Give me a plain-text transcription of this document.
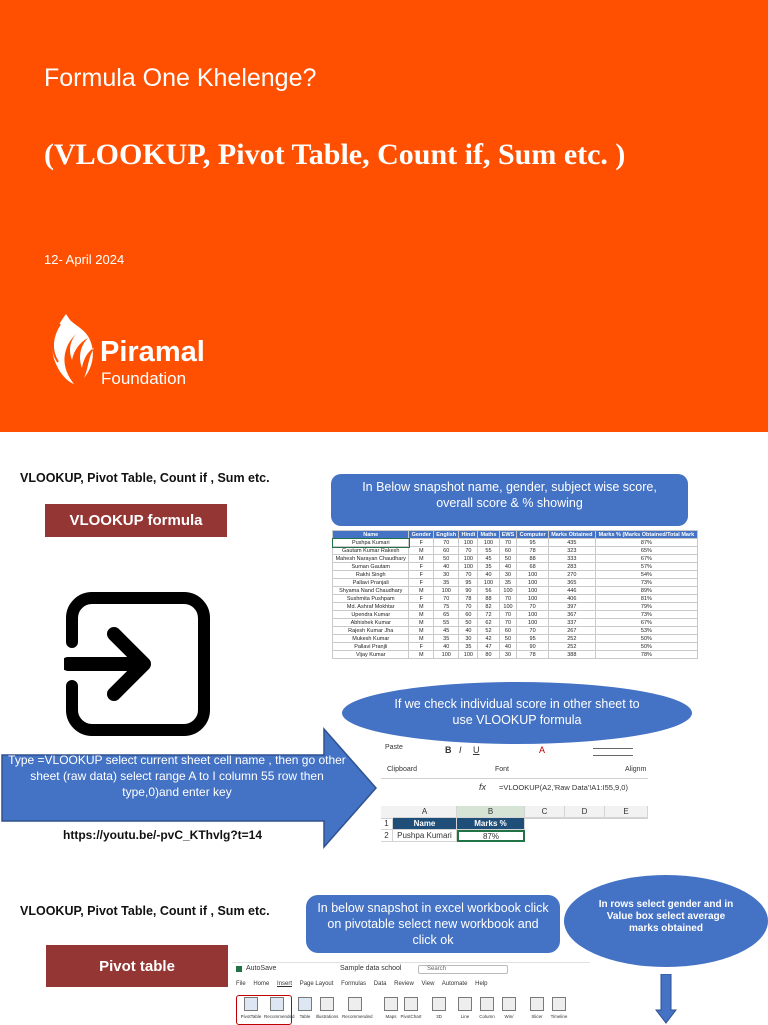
Formula One Khelenge?
(VLOOKUP, Pivot Table, Count if, Sum etc. )
12- April 2024
Piramal
Foundation
VLOOKUP, Pivot Table, Count if , Sum etc.
VLOOKUP formula
In Below snapshot name, gender, subject wise score, overall score & % showing
Name	Gender	English	Hindi	Maths	EWS	Computer	Marks Obtained	Marks % (Marks Obtained/Total Mark
Pushpa Kumari	F	70	100	100	70	95	435	87%
Gautam Kumar Rakesh	M	60	70	55	60	78	323	65%
Mahesh Narayan Chaudhary	M	50	100	45	50	88	333	67%
Suman Gautam	F	40	100	35	40	68	283	57%
Rakhi Singh	F	30	70	40	30	100	270	54%
Pallavi Pranjali	F	35	95	100	35	100	365	73%
Shyama Nand Chaudhary	M	100	90	56	100	100	446	89%
Sushmita Pushpam	F	70	78	88	70	100	406	81%
Md. Ashraf Mokhtar	M	75	70	82	100	70	397	79%
Upendra Kumar	M	65	60	72	70	100	367	73%
Abhishek Kumar	M	55	50	62	70	100	337	67%
Rajesh Kumar Jha	M	45	40	52	60	70	267	53%
Mukesh Kumar	M	35	30	42	50	95	252	50%
Pallavi Pranjli	F	40	35	47	40	90	252	50%
Vijay Kumar	M	100	100	80	30	78	388	78%
If we check individual score in other sheet to use VLOOKUP formula
Paste	B I U	A
Clipboard	Font	Alignm
fx =VLOOKUP(A2,'Raw Data'!A1:I55,9,0)
A	B	C	D	E
1
2
Name	Marks %
Pushpa Kumari	87%
Type =VLOOKUP select current sheet cell name , then go other sheet (raw data) select range A to I column 55 row then type,0)and enter key
https://youtu.be/-pvC_KThvlg?t=14
VLOOKUP, Pivot Table, Count if , Sum etc.
Pivot table
In below snapshot in excel workbook click on pivotable select new workbook and click ok
In rows select gender and in Value box select average marks obtained
AutoSave	Sample data school	Search
File Home Insert Page Layout Formulas Data Review View Automate Help
PivotTable Recommended	Table	Illustrations Recommended	Maps PivotChart	3D	Line	Column	Win/	Slicer	Timeline
